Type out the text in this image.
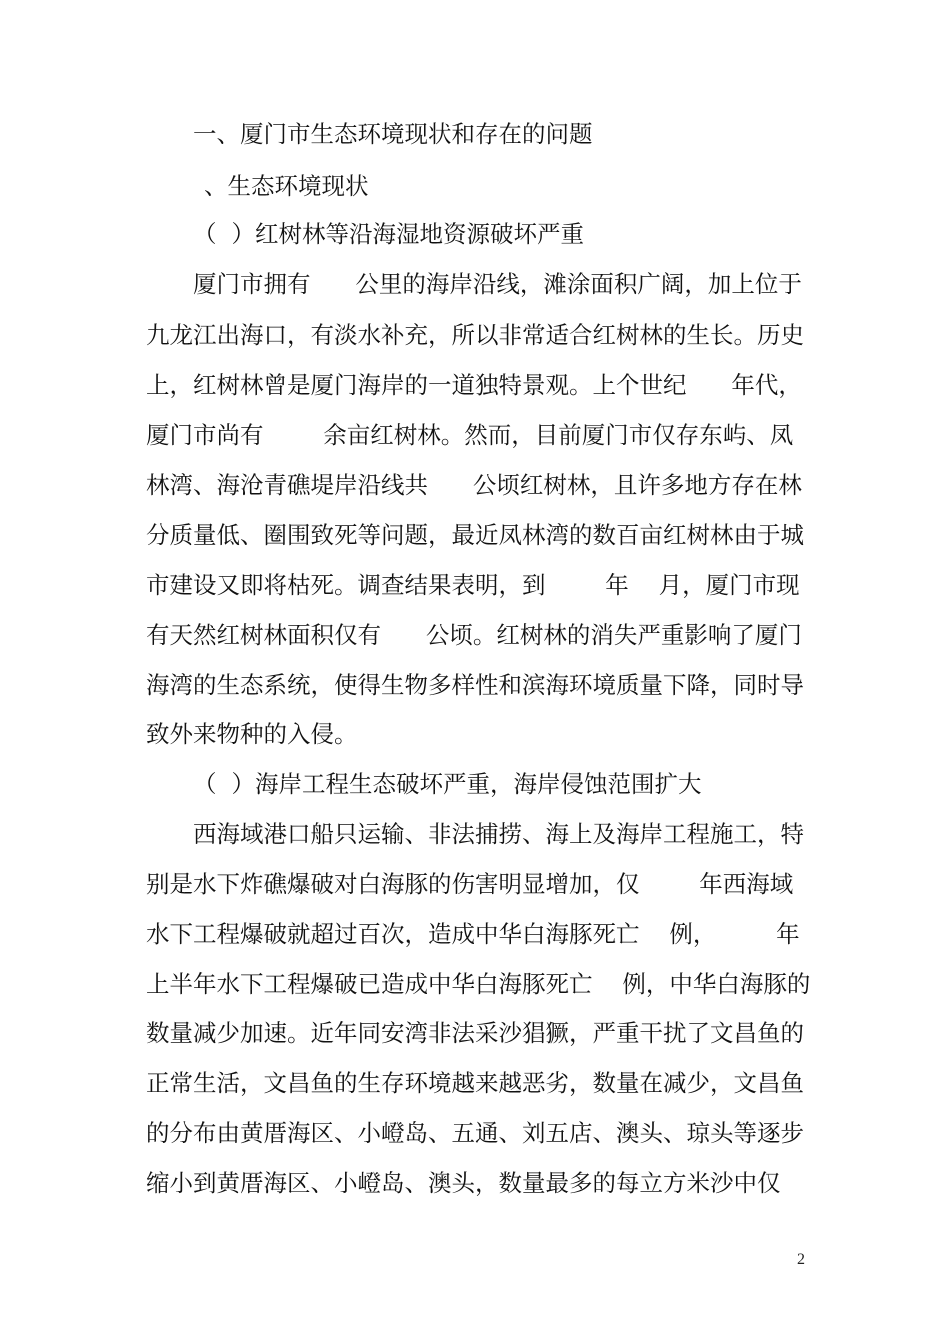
一、厦门市生态环境现状和存在的问题
、生态环境现状
（  ）红树林等沿海湿地资源破坏严重
厦门市拥有      公里的海岸沿线，滩涂面积广阔，加上位于
九龙江出海口，有淡水补充，所以非常适合红树林的生长。历史
上，红树林曾是厦门海岸的一道独特景观。上个世纪      年代，
厦门市尚有        余亩红树林。然而，目前厦门市仅存东屿、凤
林湾、海沧青礁堤岸沿线共      公顷红树林，且许多地方存在林
分质量低、圈围致死等问题，最近凤林湾的数百亩红树林由于城
市建设又即将枯死。调查结果表明，到        年    月，厦门市现
有天然红树林面积仅有      公顷。红树林的消失严重影响了厦门
海湾的生态系统，使得生物多样性和滨海环境质量下降，同时导
致外来物种的入侵。
（  ）海岸工程生态破坏严重，海岸侵蚀范围扩大
西海域港口船只运输、非法捕捞、海上及海岸工程施工，特
别是水下炸礁爆破对白海豚的伤害明显增加，仅        年西海域
水下工程爆破就超过百次，造成中华白海豚死亡    例，        年
上半年水下工程爆破已造成中华白海豚死亡    例，中华白海豚的
数量减少加速。近年同安湾非法采沙猖獗，严重干扰了文昌鱼的
正常生活，文昌鱼的生存环境越来越恶劣，数量在减少，文昌鱼
的分布由黄厝海区、小嶝岛、五通、刘五店、澳头、琼头等逐步
缩小到黄厝海区、小嶝岛、澳头，数量最多的每立方米沙中仅
2
